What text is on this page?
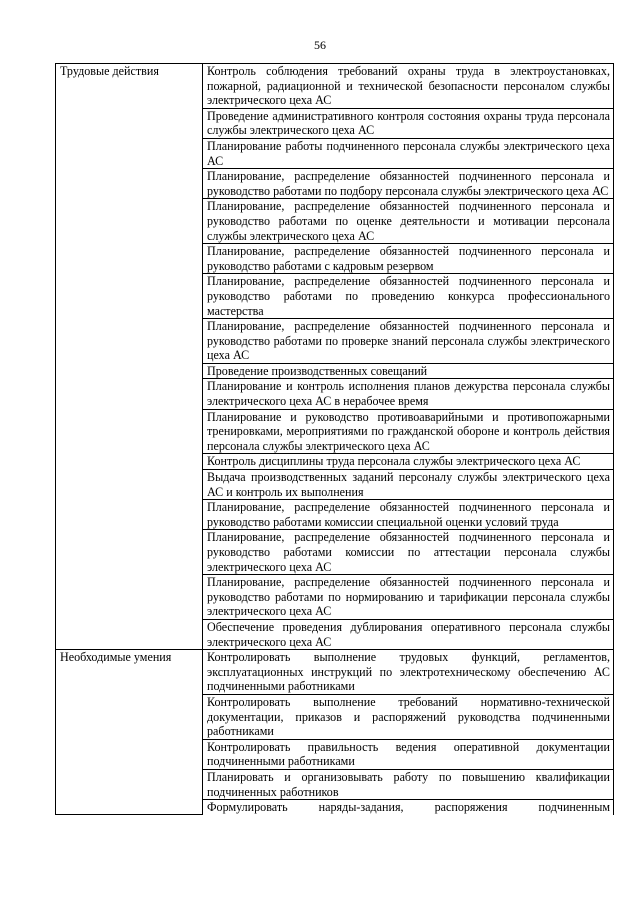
56
Трудовые действия	Контроль соблюдения требований охраны труда в электроустановках, пожарной, радиационной и технической безопасности персоналом службы электрического цеха АС
	Проведение административного контроля состояния охраны труда персонала службы электрического цеха АС
	Планирование работы подчиненного персонала службы электрического цеха АС
	Планирование, распределение обязанностей подчиненного персонала и руководство работами по подбору персонала службы электрического цеха АС
	Планирование, распределение обязанностей подчиненного персонала и руководство работами по оценке деятельности и мотивации персонала службы электрического цеха АС
	Планирование, распределение обязанностей подчиненного персонала и руководство работами с кадровым резервом
	Планирование, распределение обязанностей подчиненного персонала и руководство работами по проведению конкурса профессионального мастерства
	Планирование, распределение обязанностей подчиненного персонала и руководство работами по проверке знаний персонала службы электрического цеха АС
	Проведение производственных совещаний
	Планирование и контроль исполнения планов дежурства персонала службы электрического цеха АС в нерабочее время
	Планирование и руководство противоаварийными и противопожарными тренировками, мероприятиями по гражданской обороне и контроль действия персонала службы электрического цеха АС
	Контроль дисциплины труда персонала службы электрического цеха АС
	Выдача производственных заданий персоналу службы электрического цеха АС и контроль их выполнения
	Планирование, распределение обязанностей подчиненного персонала и руководство работами комиссии специальной оценки условий труда
	Планирование, распределение обязанностей подчиненного персонала и руководство работами комиссии по аттестации персонала службы электрического цеха АС
	Планирование, распределение обязанностей подчиненного персонала и руководство работами по нормированию и тарификации персонала службы электрического цеха АС
	Обеспечение проведения дублирования оперативного персонала службы электрического цеха АС
Необходимые умения	Контролировать выполнение трудовых функций, регламентов, эксплуатационных инструкций по электротехническому обеспечению АС подчиненными работниками
	Контролировать выполнение требований нормативно-технической документации, приказов и распоряжений руководства подчиненными работниками
	Контролировать правильность ведения оперативной документации подчиненными работниками
	Планировать и организовывать работу по повышению квалификации подчиненных работников
	Формулировать наряды-задания, распоряжения подчиненным
